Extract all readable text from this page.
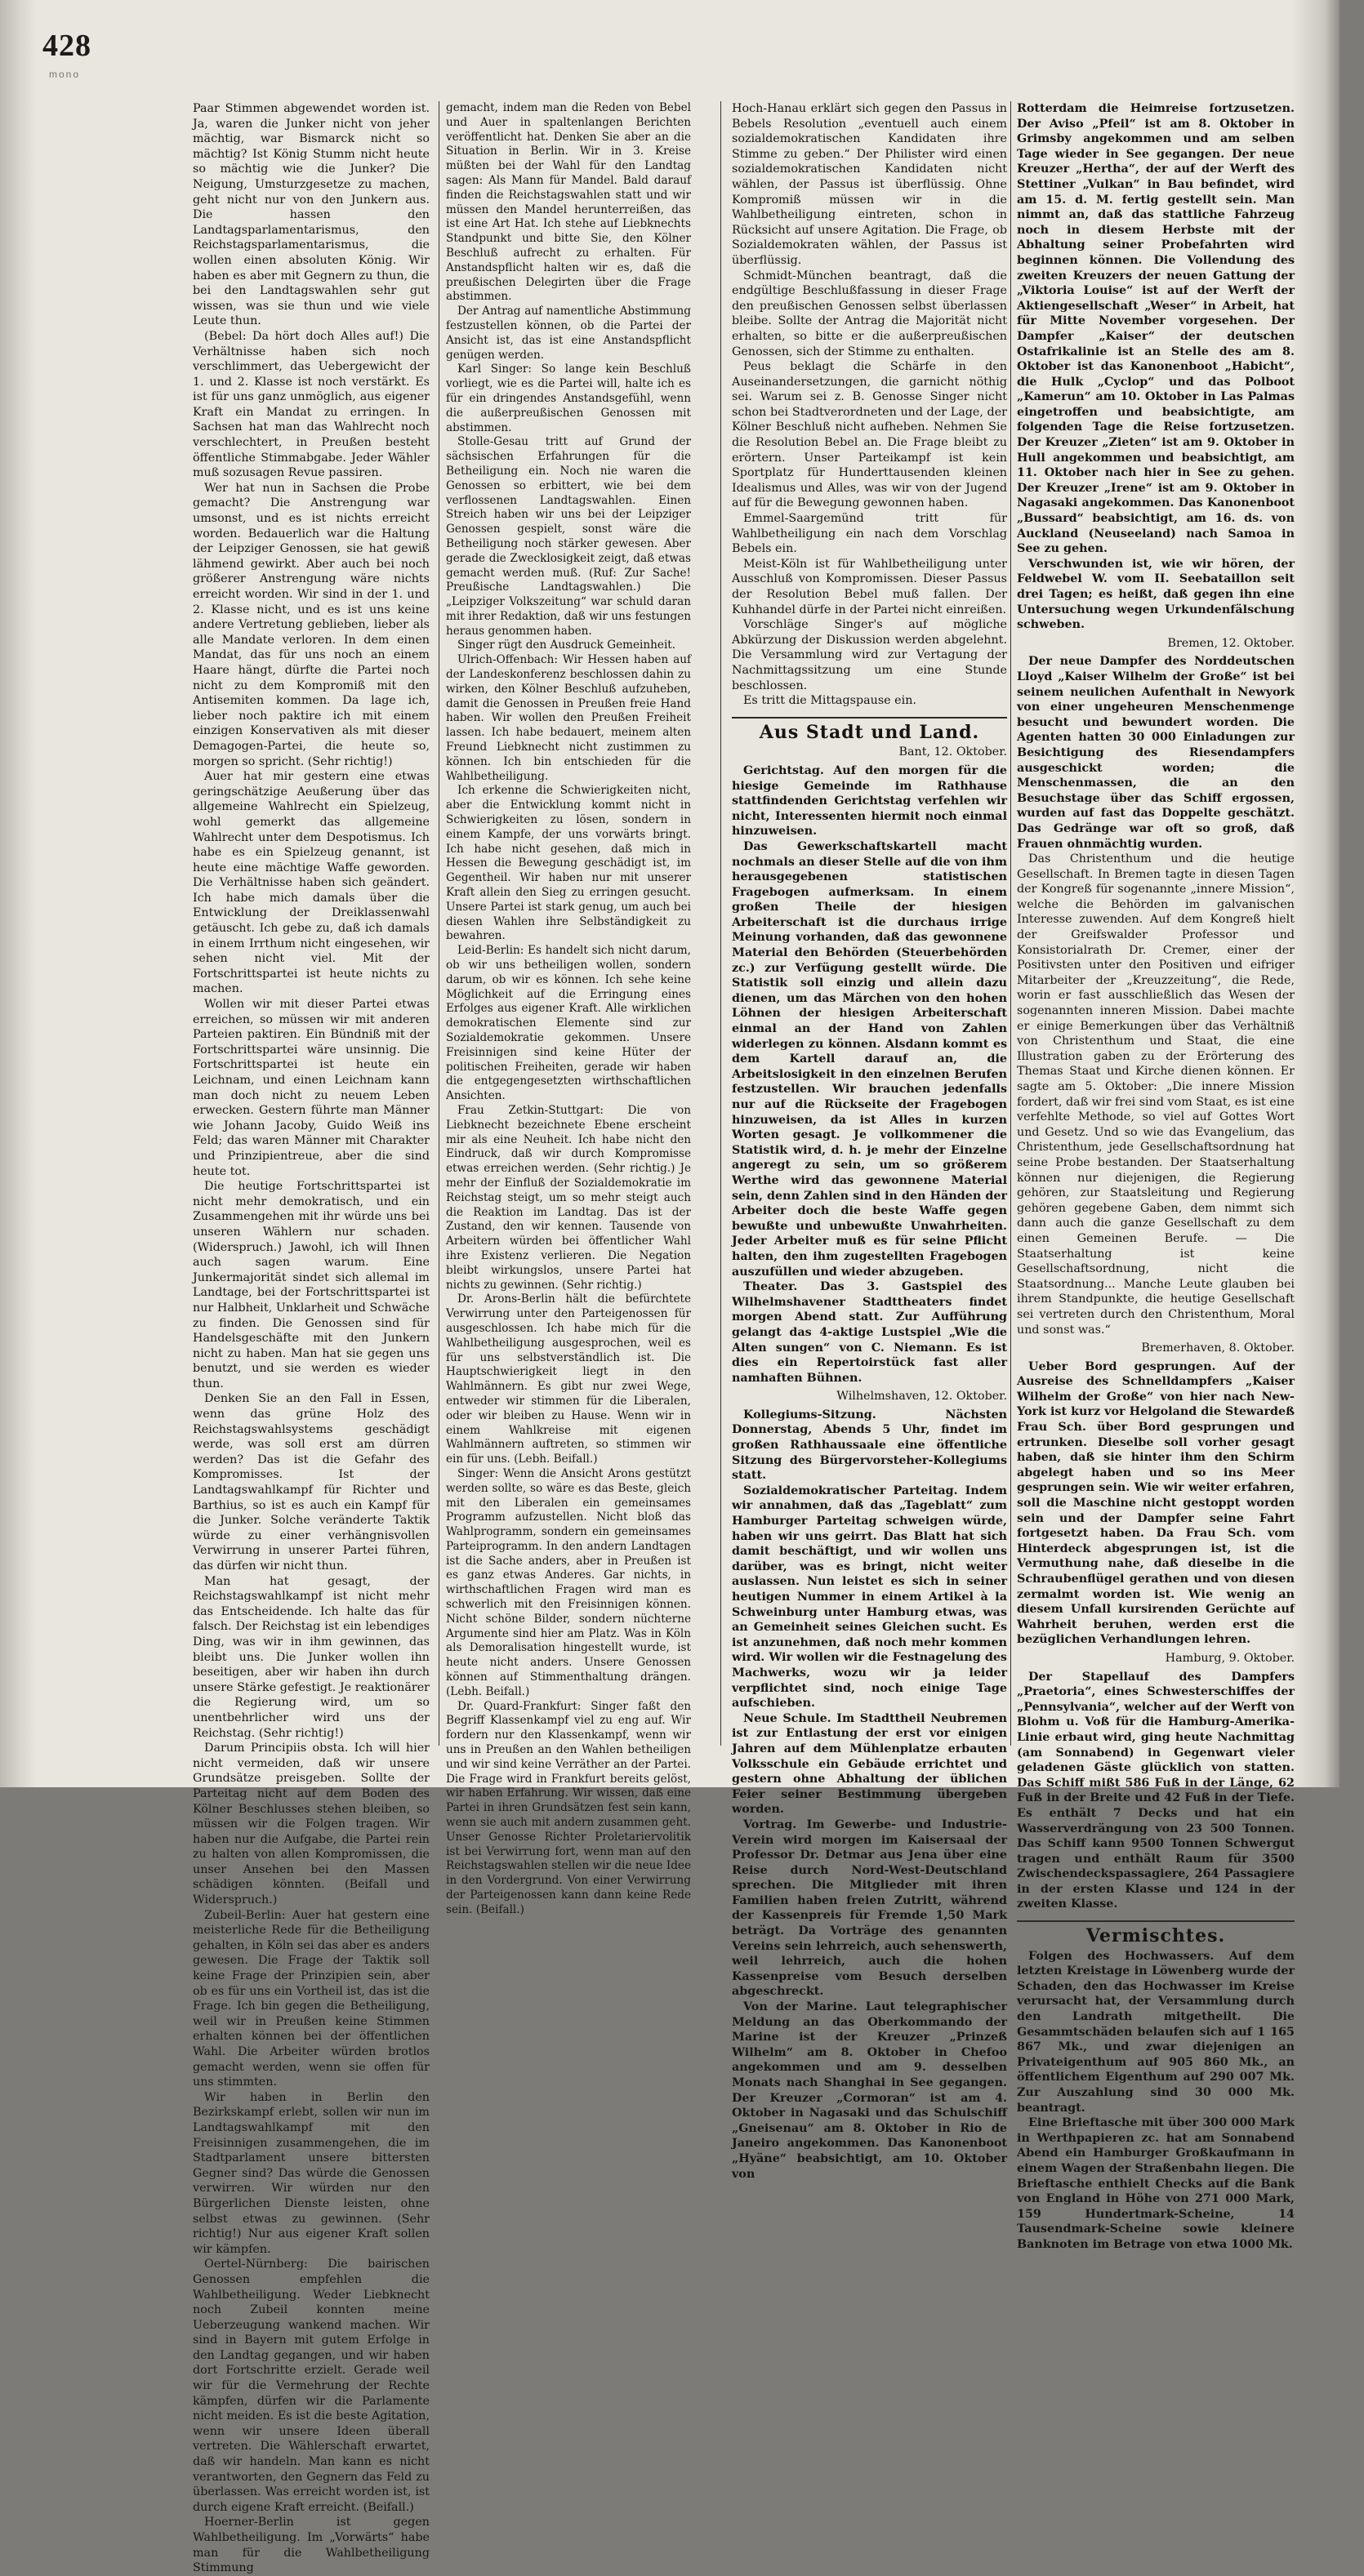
428
mono

Paar Stimmen abgewendet worden ist. Ja, waren die Junker nicht von jeher mächtig, war Bismarck nicht so mächtig? Ist König Stumm nicht heute so mächtig wie die Junker? Die Neigung, Umsturzgesetze zu machen, geht nicht nur von den Junkern aus. Die hassen den Landtagsparlamentarismus, den Reichstagsparlamentarismus, die wollen einen absoluten König. Wir haben es aber mit Gegnern zu thun, die bei den Landtagswahlen sehr gut wissen, was sie thun und wie viele Leute thun.

(Bebel: Da hört doch Alles auf!) Die Verhältnisse haben sich noch verschlimmert, das Uebergewicht der 1. und 2. Klasse ist noch verstärkt. Es ist für uns ganz unmöglich, aus eigener Kraft ein Mandat zu erringen. In Sachsen hat man das Wahlrecht noch verschlechtert, in Preußen besteht öffentliche Stimmabgabe. Jeder Wähler muß sozusagen Revue passiren.

Wer hat nun in Sachsen die Probe gemacht? Die Anstrengung war umsonst, und es ist nichts erreicht worden. Bedauerlich war die Haltung der Leipziger Genossen, sie hat gewiß lähmend gewirkt. Aber auch bei noch größerer Anstrengung wäre nichts erreicht worden. Wir sind in der 1. und 2. Klasse nicht, und es ist uns keine andere Vertretung geblieben, lieber als alle Mandate verloren. In dem einen Mandat, das für uns noch an einem Haare hängt, dürfte die Partei noch nicht zu dem Kompromiß mit den Antisemiten kommen. Da lage ich, lieber noch paktire ich mit einem einzigen Konservativen als mit dieser Demagogen-Partei, die heute so, morgen so spricht. (Sehr richtig!)

Auer hat mir gestern eine etwas geringschätzige Aeußerung über das allgemeine Wahlrecht ein Spielzeug, wohl gemerkt das allgemeine Wahlrecht unter dem Despotismus. Ich habe es ein Spielzeug genannt, ist heute eine mächtige Waffe geworden. Die Verhältnisse haben sich geändert. Ich habe mich damals über die Entwicklung der Dreiklassenwahl getäuscht. Ich gebe zu, daß ich damals in einem Irrthum nicht eingesehen, wir sehen nicht viel. Mit der Fortschrittspartei ist heute nichts zu machen.

Wollen wir mit dieser Partei etwas erreichen, so müssen wir mit anderen Parteien paktiren. Ein Bündniß mit der Fortschrittspartei wäre unsinnig. Die Fortschrittspartei ist heute ein Leichnam, und einen Leichnam kann man doch nicht zu neuem Leben erwecken. Gestern führte man Männer wie Johann Jacoby, Guido Weiß ins Feld; das waren Männer mit Charakter und Prinzipientreue, aber die sind heute tot.

Die heutige Fortschrittspartei ist nicht mehr demokratisch, und ein Zusammengehen mit ihr würde uns bei unseren Wählern nur schaden. (Widerspruch.) Jawohl, ich will Ihnen auch sagen warum. Eine Junkermajorität sindet sich allemal im Landtage, bei der Fortschrittspartei ist nur Halbheit, Unklarheit und Schwäche zu finden. Die Genossen sind für Handelsgeschäfte mit den Junkern nicht zu haben. Man hat sie gegen uns benutzt, und sie werden es wieder thun.

Denken Sie an den Fall in Essen, wenn das grüne Holz des Reichstagswahlsystems geschädigt werde, was soll erst am dürren werden? Das ist die Gefahr des Kompromisses. Ist der Landtagswahlkampf für Richter und Barthius, so ist es auch ein Kampf für die Junker. Solche veränderte Taktik würde zu einer verhängnisvollen Verwirrung in unserer Partei führen, das dürfen wir nicht thun.

Man hat gesagt, der Reichstagswahlkampf ist nicht mehr das Entscheidende. Ich halte das für falsch. Der Reichstag ist ein lebendiges Ding, was wir in ihm gewinnen, das bleibt uns. Die Junker wollen ihn beseitigen, aber wir haben ihn durch unsere Stärke gefestigt. Je reaktionärer die Regierung wird, um so unentbehrlicher wird uns der Reichstag. (Sehr richtig!)

Darum Principiis obsta. Ich will hier nicht vermeiden, daß wir unsere Grundsätze preisgeben. Sollte der Parteitag nicht auf dem Boden des Kölner Beschlusses stehen bleiben, so müssen wir die Folgen tragen. Wir haben nur die Aufgabe, die Partei rein zu halten von allen Kompromissen, die unser Ansehen bei den Massen schädigen könnten. (Beifall und Widerspruch.)

Zubeil-Berlin: Auer hat gestern eine meisterliche Rede für die Betheiligung gehalten, in Köln sei das aber es anders gewesen. Die Frage der Taktik soll keine Frage der Prinzipien sein, aber ob es für uns ein Vortheil ist, das ist die Frage. Ich bin gegen die Betheiligung, weil wir in Preußen keine Stimmen erhalten können bei der öffentlichen Wahl. Die Arbeiter würden brotlos gemacht werden, wenn sie offen für uns stimmten.

Wir haben in Berlin den Bezirkskampf erlebt, sollen wir nun im Landtagswahlkampf mit den Freisinnigen zusammengehen, die im Stadtparlament unsere bittersten Gegner sind? Das würde die Genossen verwirren. Wir würden nur den Bürgerlichen Dienste leisten, ohne selbst etwas zu gewinnen. (Sehr richtig!) Nur aus eigener Kraft sollen wir kämpfen.

Oertel-Nürnberg: Die bairischen Genossen empfehlen die Wahlbetheiligung. Weder Liebknecht noch Zubeil konnten meine Ueberzeugung wankend machen. Wir sind in Bayern mit gutem Erfolge in den Landtag gegangen, und wir haben dort Fortschritte erzielt. Gerade weil wir für die Vermehrung der Rechte kämpfen, dürfen wir die Parlamente nicht meiden. Es ist die beste Agitation, wenn wir unsere Ideen überall vertreten. Die Wählerschaft erwartet, daß wir handeln. Man kann es nicht verantworten, den Gegnern das Feld zu überlassen. Was erreicht worden ist, ist durch eigene Kraft erreicht. (Beifall.)

Hoerner-Berlin ist gegen Wahlbetheiligung. Im „Vorwärts“ habe man für die Wahlbetheiligung Stimmung

gemacht, indem man die Reden von Bebel und Auer in spaltenlangen Berichten veröffentlicht hat. Denken Sie aber an die Situation in Berlin. Wir in 3. Kreise müßten bei der Wahl für den Landtag sagen: Als Mann für Mandel. Bald darauf finden die Reichstagswahlen statt und wir müssen den Mandel herunterreißen, das ist eine Art Hat. Ich stehe auf Liebknechts Standpunkt und bitte Sie, den Kölner Beschluß aufrecht zu erhalten. Für Anstandspflicht halten wir es, daß die preußischen Delegirten über die Frage abstimmen.

Der Antrag auf namentliche Abstimmung festzustellen können, ob die Partei der Ansicht ist, das ist eine Anstandspflicht genügen werden.

Karl Singer: So lange kein Beschluß vorliegt, wie es die Partei will, halte ich es für ein dringendes Anstandsgefühl, wenn die außerpreußischen Genossen mit abstimmen.

Stolle-Gesau tritt auf Grund der sächsischen Erfahrungen für die Betheiligung ein. Noch nie waren die Genossen so erbittert, wie bei dem verflossenen Landtagswahlen. Einen Streich haben wir uns bei der Leipziger Genossen gespielt, sonst wäre die Betheiligung noch stärker gewesen. Aber gerade die Zwecklosigkeit zeigt, daß etwas gemacht werden muß. (Ruf: Zur Sache! Preußische Landtagswahlen.) Die „Leipziger Volkszeitung“ war schuld daran mit ihrer Redaktion, daß wir uns festungen heraus genommen haben.

Singer rügt den Ausdruck Gemeinheit.

Ulrich-Offenbach: Wir Hessen haben auf der Landeskonferenz beschlossen dahin zu wirken, den Kölner Beschluß aufzuheben, damit die Genossen in Preußen freie Hand haben. Wir wollen den Preußen Freiheit lassen. Ich habe bedauert, meinem alten Freund Liebknecht nicht zustimmen zu können. Ich bin entschieden für die Wahlbetheiligung.

Ich erkenne die Schwierigkeiten nicht, aber die Entwicklung kommt nicht in Schwierigkeiten zu lösen, sondern in einem Kampfe, der uns vorwärts bringt. Ich habe nicht gesehen, daß mich in Hessen die Bewegung geschädigt ist, im Gegentheil. Wir haben nur mit unserer Kraft allein den Sieg zu erringen gesucht. Unsere Partei ist stark genug, um auch bei diesen Wahlen ihre Selbständigkeit zu bewahren.

Leid-Berlin: Es handelt sich nicht darum, ob wir uns betheiligen wollen, sondern darum, ob wir es können. Ich sehe keine Möglichkeit auf die Erringung eines Erfolges aus eigener Kraft. Alle wirklichen demokratischen Elemente sind zur Sozialdemokratie gekommen. Unsere Freisinnigen sind keine Hüter der politischen Freiheiten, gerade wir haben die entgegengesetzten wirthschaftlichen Ansichten.

Frau Zetkin-Stuttgart: Die von Liebknecht bezeichnete Ebene erscheint mir als eine Neuheit. Ich habe nicht den Eindruck, daß wir durch Kompromisse etwas erreichen werden. (Sehr richtig.) Je mehr der Einfluß der Sozialdemokratie im Reichstag steigt, um so mehr steigt auch die Reaktion im Landtag. Das ist der Zustand, den wir kennen. Tausende von Arbeitern würden bei öffentlicher Wahl ihre Existenz verlieren. Die Negation bleibt wirkungslos, unsere Partei hat nichts zu gewinnen. (Sehr richtig.)

Dr. Arons-Berlin hält die befürchtete Verwirrung unter den Parteigenossen für ausgeschlossen. Ich habe mich für die Wahlbetheiligung ausgesprochen, weil es für uns selbstverständlich ist. Die Hauptschwierigkeit liegt in den Wahlmännern. Es gibt nur zwei Wege, entweder wir stimmen für die Liberalen, oder wir bleiben zu Hause. Wenn wir in einem Wahlkreise mit eigenen Wahlmännern auftreten, so stimmen wir ein für uns. (Lebh. Beifall.)

Singer: Wenn die Ansicht Arons gestützt werden sollte, so wäre es das Beste, gleich mit den Liberalen ein gemeinsames Programm aufzustellen. Nicht bloß das Wahlprogramm, sondern ein gemeinsames Parteiprogramm. In den andern Landtagen ist die Sache anders, aber in Preußen ist es ganz etwas Anderes. Gar nichts, in wirthschaftlichen Fragen wird man es schwerlich mit den Freisinnigen können. Nicht schöne Bilder, sondern nüchterne Argumente sind hier am Platz. Was in Köln als Demoralisation hingestellt wurde, ist heute nicht anders. Unsere Genossen können auf Stimmenthaltung drängen. (Lebh. Beifall.)

Dr. Quard-Frankfurt: Singer faßt den Begriff Klassenkampf viel zu eng auf. Wir fordern nur den Klassenkampf, wenn wir uns in Preußen an den Wahlen betheiligen und wir sind keine Verräther an der Partei. Die Frage wird in Frankfurt bereits gelöst, wir haben Erfahrung. Wir wissen, daß eine Partei in ihren Grundsätzen fest sein kann, wenn sie auch mit andern zusammen geht. Unser Genosse Richter Proletariervolitik ist bei Verwirrung fort, wenn man auf den Reichstagswahlen stellen wir die neue Idee in den Vordergrund. Von einer Verwirrung der Parteigenossen kann dann keine Rede sein. (Beifall.)

Hoch-Hanau erklärt sich gegen den Passus in Bebels Resolution „eventuell auch einem sozialdemokratischen Kandidaten ihre Stimme zu geben.“ Der Philister wird einen sozialdemokratischen Kandidaten nicht wählen, der Passus ist überflüssig. Ohne Kompromiß müssen wir in die Wahlbetheiligung eintreten, schon in Rücksicht auf unsere Agitation. Die Frage, ob Sozialdemokraten wählen, der Passus ist überflüssig.

Schmidt-München beantragt, daß die endgültige Beschlußfassung in dieser Frage den preußischen Genossen selbst überlassen bleibe. Sollte der Antrag die Majorität nicht erhalten, so bitte er die außerpreußischen Genossen, sich der Stimme zu enthalten.

Peus beklagt die Schärfe in den Auseinandersetzungen, die garnicht nöthig sei. Warum sei z. B. Genosse Singer nicht schon bei Stadtverordneten und der Lage, der Kölner Beschluß nicht aufheben. Nehmen Sie die Resolution Bebel an. Die Frage bleibt zu erörtern. Unser Parteikampf ist kein Sportplatz für Hunderttausenden kleinen Idealismus und Alles, was wir von der Jugend auf für die Bewegung gewonnen haben.

Emmel-Saargemünd tritt für Wahlbetheiligung ein nach dem Vorschlag Bebels ein.

Meist-Köln ist für Wahlbetheiligung unter Ausschluß von Kompromissen. Dieser Passus der Resolution Bebel muß fallen. Der Kuhhandel dürfe in der Partei nicht einreißen.

Vorschläge Singer's auf mögliche Abkürzung der Diskussion werden abgelehnt. Die Versammlung wird zur Vertagung der Nachmittagssitzung um eine Stunde beschlossen.

Es tritt die Mittagspause ein.

Aus Stadt und Land.
Bant, 12. Oktober.

Gerichtstag. Auf den morgen für die hiesige Gemeinde im Rathhause stattfindenden Gerichtstag verfehlen wir nicht, Interessenten hiermit noch einmal hinzuweisen.

Das Gewerkschaftskartell macht nochmals an dieser Stelle auf die von ihm herausgegebenen statistischen Fragebogen aufmerksam. In einem großen Theile der hiesigen Arbeiterschaft ist die durchaus irrige Meinung vorhanden, daß das gewonnene Material den Behörden (Steuerbehörden zc.) zur Verfügung gestellt würde. Die Statistik soll einzig und allein dazu dienen, um das Märchen von den hohen Löhnen der hiesigen Arbeiterschaft einmal an der Hand von Zahlen widerlegen zu können. Alsdann kommt es dem Kartell darauf an, die Arbeitslosigkeit in den einzelnen Berufen festzustellen. Wir brauchen jedenfalls nur auf die Rückseite der Fragebogen hinzuweisen, da ist Alles in kurzen Worten gesagt. Je vollkommener die Statistik wird, d. h. je mehr der Einzelne angeregt zu sein, um so größerem Werthe wird das gewonnene Material sein, denn Zahlen sind in den Händen der Arbeiter doch die beste Waffe gegen bewußte und unbewußte Unwahrheiten. Jeder Arbeiter muß es für seine Pflicht halten, den ihm zugestellten Fragebogen auszufüllen und wieder abzugeben.

Theater. Das 3. Gastspiel des Wilhelmshavener Stadttheaters findet morgen Abend statt. Zur Aufführung gelangt das 4-aktige Lustspiel „Wie die Alten sungen“ von C. Niemann. Es ist dies ein Repertoirstück fast aller namhaften Bühnen.

Wilhelmshaven, 12. Oktober.

Kollegiums-Sitzung. Nächsten Donnerstag, Abends 5 Uhr, findet im großen Rathhaussaale eine öffentliche Sitzung des Bürgervorsteher-Kollegiums statt.

Sozialdemokratischer Parteitag. Indem wir annahmen, daß das „Tageblatt“ zum Hamburger Parteitag schweigen würde, haben wir uns geirrt. Das Blatt hat sich damit beschäftigt, und wir wollen uns darüber, was es bringt, nicht weiter auslassen. Nun leistet es sich in seiner heutigen Nummer in einem Artikel à la Schweinburg unter Hamburg etwas, was an Gemeinheit seines Gleichen sucht. Es ist anzunehmen, daß noch mehr kommen wird. Wir wollen wir die Festnagelung des Machwerks, wozu wir ja leider verpflichtet sind, noch einige Tage aufschieben.

Neue Schule. Im Stadttheil Neubremen ist zur Entlastung der erst vor einigen Jahren auf dem Mühlenplatze erbauten Volksschule ein Gebäude errichtet und gestern ohne Abhaltung der üblichen Feier seiner Bestimmung übergeben worden.

Vortrag. Im Gewerbe- und Industrie-Verein wird morgen im Kaisersaal der Professor Dr. Detmar aus Jena über eine Reise durch Nord-West-Deutschland sprechen. Die Mitglieder mit ihren Familien haben freien Zutritt, während der Kassenpreis für Fremde 1,50 Mark beträgt. Da Vorträge des genannten Vereins sein lehrreich, auch sehenswerth, weil lehrreich, auch die hohen Kassenpreise vom Besuch derselben abgeschreckt.

Von der Marine. Laut telegraphischer Meldung an das Oberkommando der Marine ist der Kreuzer „Prinzeß Wilhelm“ am 8. Oktober in Chefoo angekommen und am 9. desselben Monats nach Shanghai in See gegangen. Der Kreuzer „Cormoran“ ist am 4. Oktober in Nagasaki und das Schulschiff „Gneisenau“ am 8. Oktober in Rio de Janeiro angekommen. Das Kanonenboot „Hyäne“ beabsichtigt, am 10. Oktober von

Rotterdam die Heimreise fortzusetzen. Der Aviso „Pfeil“ ist am 8. Oktober in Grimsby angekommen und am selben Tage wieder in See gegangen. Der neue Kreuzer „Hertha“, der auf der Werft des Stettiner „Vulkan“ in Bau befindet, wird am 15. d. M. fertig gestellt sein. Man nimmt an, daß das stattliche Fahrzeug noch in diesem Herbste mit der Abhaltung seiner Probefahrten wird beginnen können. Die Vollendung des zweiten Kreuzers der neuen Gattung der „Viktoria Louise“ ist auf der Werft der Aktiengesellschaft „Weser“ in Arbeit, hat für Mitte November vorgesehen. Der Dampfer „Kaiser“ der deutschen Ostafrikalinie ist an Stelle des am 8. Oktober ist das Kanonenboot „Habicht“, die Hulk „Cyclop“ und das Polboot „Kamerun“ am 10. Oktober in Las Palmas eingetroffen und beabsichtigte, am folgenden Tage die Reise fortzusetzen. Der Kreuzer „Zieten“ ist am 9. Oktober in Hull angekommen und beabsichtigt, am 11. Oktober nach hier in See zu gehen. Der Kreuzer „Irene“ ist am 9. Oktober in Nagasaki angekommen. Das Kanonenboot „Bussard“ beabsichtigt, am 16. ds. von Auckland (Neuseeland) nach Samoa in See zu gehen.

Verschwunden ist, wie wir hören, der Feldwebel W. vom II. Seebataillon seit drei Tagen; es heißt, daß gegen ihn eine Untersuchung wegen Urkundenfälschung schweben.

Bremen, 12. Oktober.

Der neue Dampfer des Norddeutschen Lloyd „Kaiser Wilhelm der Große“ ist bei seinem neulichen Aufenthalt in Newyork von einer ungeheuren Menschenmenge besucht und bewundert worden. Die Agenten hatten 30 000 Einladungen zur Besichtigung des Riesendampfers ausgeschickt worden; die Menschenmassen, die an den Besuchstage über das Schiff ergossen, wurden auf fast das Doppelte geschätzt. Das Gedränge war oft so groß, daß Frauen ohnmächtig wurden.

Das Christenthum und die heutige Gesellschaft. In Bremen tagte in diesen Tagen der Kongreß für sogenannte „innere Mission“, welche die Behörden im galvanischen Interesse zuwenden. Auf dem Kongreß hielt der Greifswalder Professor und Konsistorialrath Dr. Cremer, einer der Positivsten unter den Positiven und eifriger Mitarbeiter der „Kreuzzeitung“, die Rede, worin er fast ausschließlich das Wesen der sogenannten inneren Mission. Dabei machte er einige Bemerkungen über das Verhältniß von Christenthum und Staat, die eine Illustration gaben zu der Erörterung des Themas Staat und Kirche dienen können. Er sagte am 5. Oktober: „Die innere Mission fordert, daß wir frei sind vom Staat, es ist eine verfehlte Methode, so viel auf Gottes Wort und Gesetz. Und so wie das Evangelium, das Christenthum, jede Gesellschaftsordnung hat seine Probe bestanden. Der Staatserhaltung können nur diejenigen, die Regierung gehören, zur Staatsleitung und Regierung gehören gegebene Gaben, dem nimmt sich dann auch die ganze Gesellschaft zu dem einen Gemeinen Berufe. — Die Staatserhaltung ist keine Gesellschaftsordnung, nicht die Staatsordnung... Manche Leute glauben bei ihrem Standpunkte, die heutige Gesellschaft sei vertreten durch den Christenthum, Moral und sonst was.“

Bremerhaven, 8. Oktober.

Ueber Bord gesprungen. Auf der Ausreise des Schnelldampfers „Kaiser Wilhelm der Große“ von hier nach New-York ist kurz vor Helgoland die Stewardeß Frau Sch. über Bord gesprungen und ertrunken. Dieselbe soll vorher gesagt haben, daß sie hinter ihm den Schirm abgelegt haben und so ins Meer gesprungen sein. Wie wir weiter erfahren, soll die Maschine nicht gestoppt worden sein und der Dampfer seine Fahrt fortgesetzt haben. Da Frau Sch. vom Hinterdeck abgesprungen ist, ist die Vermuthung nahe, daß dieselbe in die Schraubenflügel gerathen und von diesen zermalmt worden ist. Wie wenig an diesem Unfall kursirenden Gerüchte auf Wahrheit beruhen, werden erst die bezüglichen Verhandlungen lehren.

Hamburg, 9. Oktober.

Der Stapellauf des Dampfers „Praetoria“, eines Schwesterschiffes der „Pennsylvania“, welcher auf der Werft von Blohm u. Voß für die Hamburg-Amerika-Linie erbaut wird, ging heute Nachmittag (am Sonnabend) in Gegenwart vieler geladenen Gäste glücklich von statten. Das Schiff mißt 586 Fuß in der Länge, 62 Fuß in der Breite und 42 Fuß in der Tiefe. Es enthält 7 Decks und hat ein Wasserverdrängung von 23 500 Tonnen. Das Schiff kann 9500 Tonnen Schwergut tragen und enthält Raum für 3500 Zwischendeckspassagiere, 264 Passagiere in der ersten Klasse und 124 in der zweiten Klasse.

Vermischtes.

Folgen des Hochwassers. Auf dem letzten Kreistage in Löwenberg wurde der Schaden, den das Hochwasser im Kreise verursacht hat, der Versammlung durch den Landrath mitgetheilt. Die Gesammtschäden belaufen sich auf 1 165 867 Mk., und zwar diejenigen an Privateigenthum auf 905 860 Mk., an öffentlichem Eigenthum auf 290 007 Mk. Zur Auszahlung sind 30 000 Mk. beantragt.

Eine Brieftasche mit über 300 000 Mark in Werthpapieren zc. hat am Sonnabend Abend ein Hamburger Großkaufmann in einem Wagen der Straßenbahn liegen. Die Brieftasche enthielt Checks auf die Bank von England in Höhe von 271 000 Mark, 159 Hundertmark-Scheine, 14 Tausendmark-Scheine sowie kleinere Banknoten im Betrage von etwa 1000 Mk.
